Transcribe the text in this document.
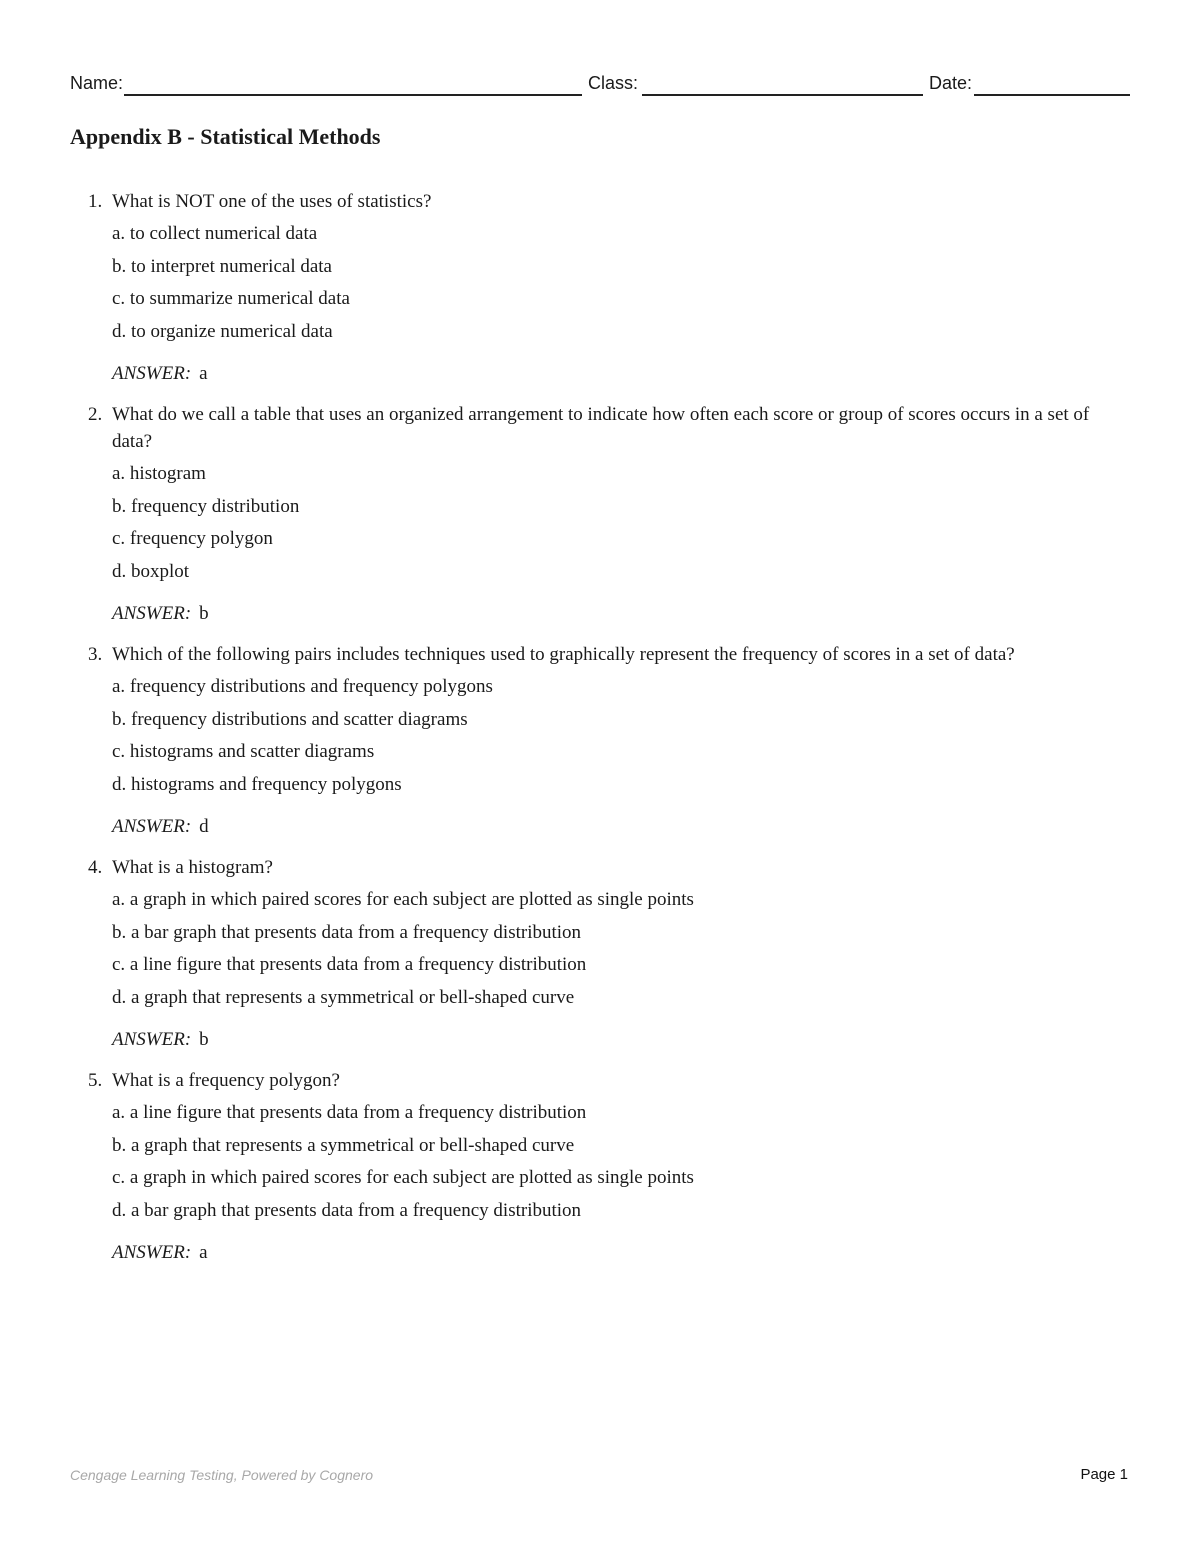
Name:	Class:	Date:
Appendix B - Statistical Methods
1. What is NOT one of the uses of statistics?
a. to collect numerical data
b. to interpret numerical data
c. to summarize numerical data
d. to organize numerical data
ANSWER: a
2. What do we call a table that uses an organized arrangement to indicate how often each score or group of scores occurs in a set of data?
a. histogram
b. frequency distribution
c. frequency polygon
d. boxplot
ANSWER: b
3. Which of the following pairs includes techniques used to graphically represent the frequency of scores in a set of data?
a. frequency distributions and frequency polygons
b. frequency distributions and scatter diagrams
c. histograms and scatter diagrams
d. histograms and frequency polygons
ANSWER: d
4. What is a histogram?
a. a graph in which paired scores for each subject are plotted as single points
b. a bar graph that presents data from a frequency distribution
c. a line figure that presents data from a frequency distribution
d. a graph that represents a symmetrical or bell-shaped curve
ANSWER: b
5. What is a frequency polygon?
a. a line figure that presents data from a frequency distribution
b. a graph that represents a symmetrical or bell-shaped curve
c. a graph in which paired scores for each subject are plotted as single points
d. a bar graph that presents data from a frequency distribution
ANSWER: a
Cengage Learning Testing, Powered by Cognero	Page 1
